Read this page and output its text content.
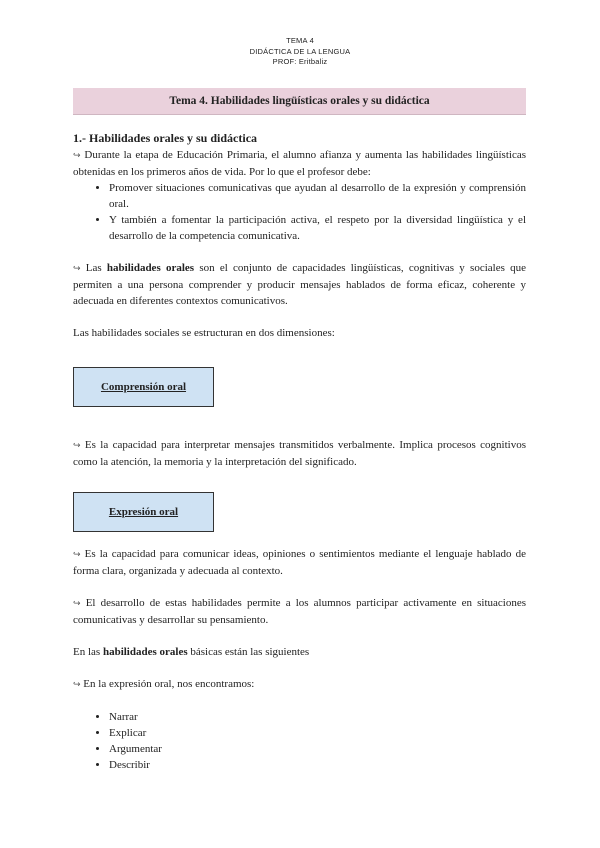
TEMA 4
DIDÁCTICA DE LA LENGUA
PROF: Eritbaliz
Tema 4. Habilidades lingüísticas orales y su didáctica
1.- Habilidades orales y su didáctica

↪ Durante la etapa de Educación Primaria, el alumno afianza y aumenta las habilidades lingüísticas obtenidas en los primeros años de vida. Por lo que el profesor debe:

• Promover situaciones comunicativas que ayudan al desarrollo de la expresión y comprensión oral.
• Y también a fomentar la participación activa, el respeto por la diversidad lingüística y el desarrollo de la competencia comunicativa.

↪ Las habilidades orales son el conjunto de capacidades lingüísticas, cognitivas y sociales que permiten a una persona comprender y producir mensajes hablados de forma eficaz, coherente y adecuada en diferentes contextos comunicativos.

Las habilidades sociales se estructuran en dos dimensiones:

Comprensión oral

↪ Es la capacidad para interpretar mensajes transmitidos verbalmente. Implica procesos cognitivos como la atención, la memoria y la interpretación del significado.

Expresión oral

↪ Es la capacidad para comunicar ideas, opiniones o sentimientos mediante el lenguaje hablado de forma clara, organizada y adecuada al contexto.

↪ El desarrollo de estas habilidades permite a los alumnos participar activamente en situaciones comunicativas y desarrollar su pensamiento.

En las habilidades orales básicas están las siguientes

↪ En la expresión oral, nos encontramos:

• Narrar
• Explicar
• Argumentar
• Describir
